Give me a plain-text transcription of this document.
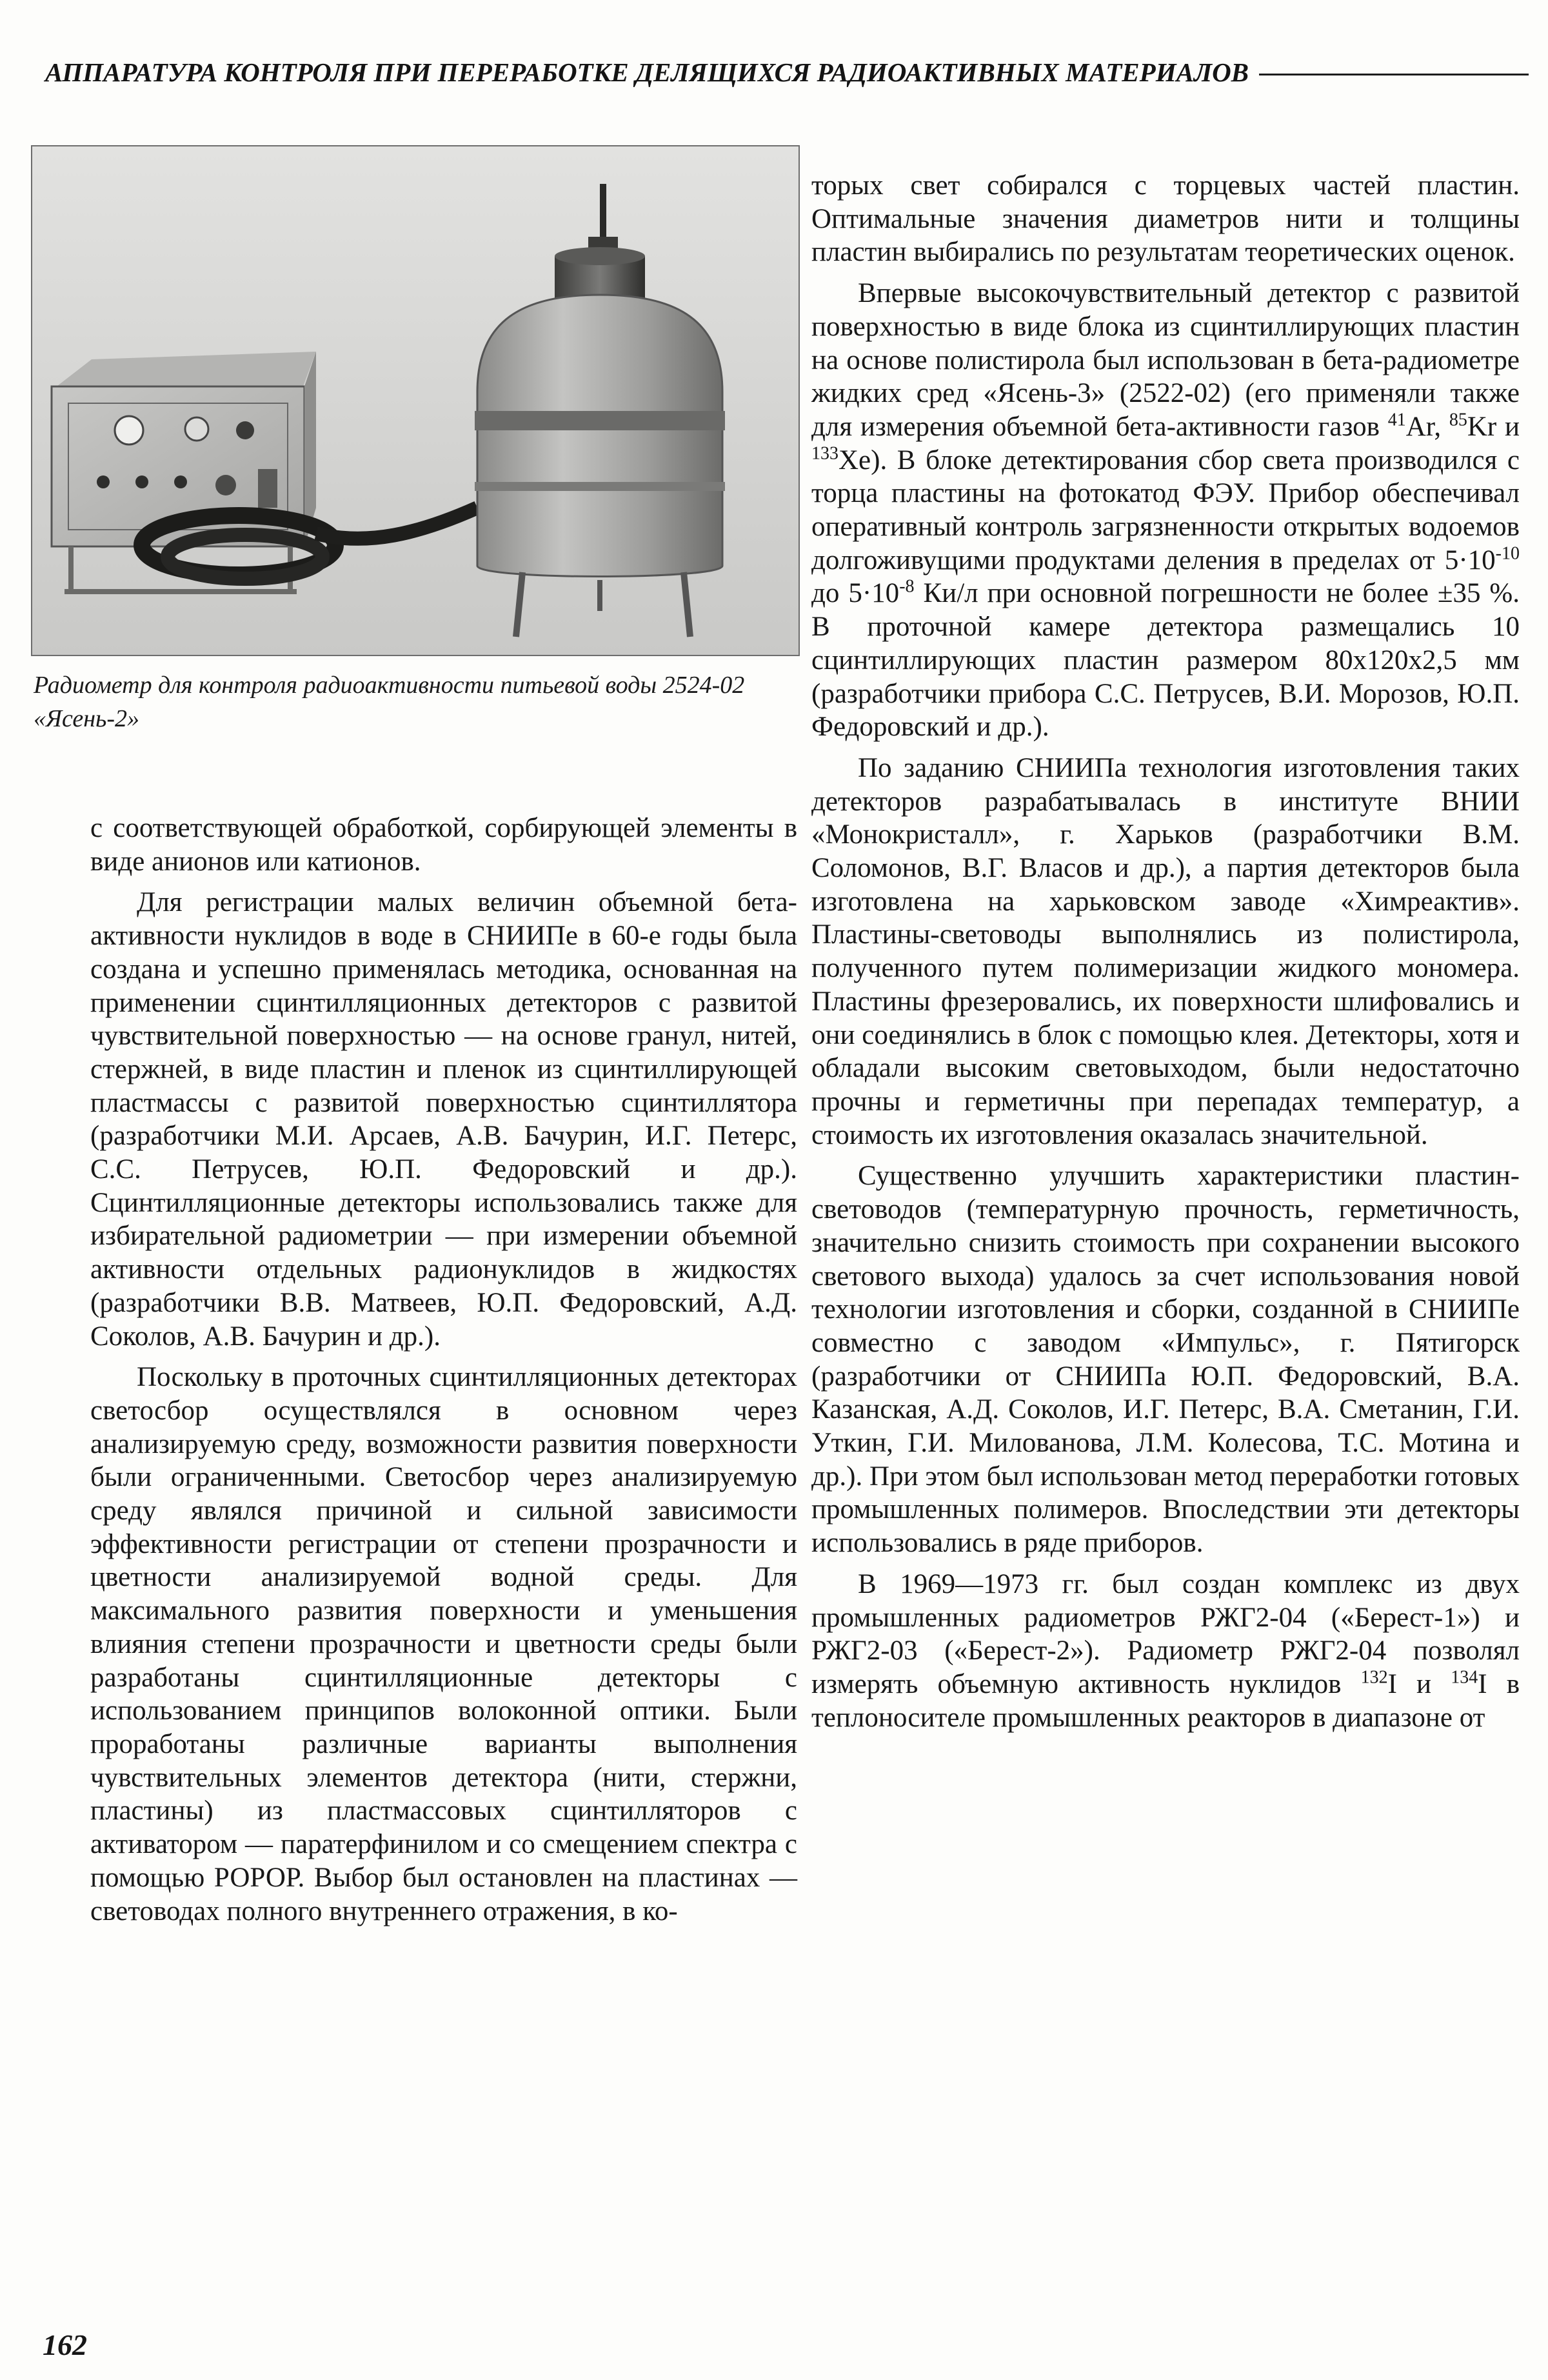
АППАРАТУРА КОНТРОЛЯ ПРИ ПЕРЕРАБОТКЕ ДЕЛЯЩИХСЯ РАДИОАКТИВНЫХ МАТЕРИАЛОВ
Радиометр для контроля радиоактивности питьевой воды 2524-02 «Ясень-2»

с соответствующей обработкой, сорбирующей элементы в виде анионов или катионов.

Для регистрации малых величин объемной бета-активности нуклидов в воде в СНИИПе в 60-е годы была создана и успешно применялась методика, основанная на применении сцинтилляционных детекторов с развитой чувствительной поверхностью — на основе гранул, нитей, стержней, в виде пластин и пленок из сцинтиллирующей пластмассы с развитой поверхностью сцинтиллятора (разработчики М.И. Арсаев, А.В. Бачурин, И.Г. Петерс, С.С. Петрусев, Ю.П. Федоровский и др.). Сцинтилляционные детекторы использовались также для избирательной радиометрии — при измерении объемной активности отдельных радионуклидов в жидкостях (разработчики В.В. Матвеев, Ю.П. Федоровский, А.Д. Соколов, А.В. Бачурин и др.).

Поскольку в проточных сцинтилляционных детекторах светосбор осуществлялся в основном через анализируемую среду, возможности развития поверхности были ограниченными. Светосбор через анализируемую среду являлся причиной и сильной зависимости эффективности регистрации от степени прозрачности и цветности анализируемой водной среды. Для максимального развития поверхности и уменьшения влияния степени прозрачности и цветности среды были разработаны сцинтилляционные детекторы с использованием принципов волоконной оптики. Были проработаны различные варианты выполнения чувствительных элементов детектора (нити, стержни, пластины) из пластмассовых сцинтилляторов с активатором — паратерфинилом и со смещением спектра с помощью РОРОР. Выбор был остановлен на пластинах — световодах полного внутреннего отражения, в ко-

торых свет собирался с торцевых частей пластин. Оптимальные значения диаметров нити и толщины пластин выбирались по результатам теоретических оценок.

Впервые высокочувствительный детектор с развитой поверхностью в виде блока из сцинтиллирующих пластин на основе полистирола был использован в бета-радиометре жидких сред «Ясень-3» (2522-02) (его применяли также для измерения объемной бета-активности газов $^{41}$Ar, $^{85}$Kr и $^{133}$Xe). В блоке детектирования сбор света производился с торца пластины на фотокатод ФЭУ. Прибор обеспечивал оперативный контроль загрязненности открытых водоемов долгоживущими продуктами деления в пределах от $5\cdot 10^{-10}$ до $5\cdot 10^{-8}$ Ки/л при основной погрешности не более ±35 %. В проточной камере детектора размещались 10 сцинтиллирующих пластин размером 80х120х2,5 мм (разработчики прибора С.С. Петрусев, В.И. Морозов, Ю.П. Федоровский и др.).

По заданию СНИИПа технология изготовления таких детекторов разрабатывалась в институте ВНИИ «Монокристалл», г. Харьков (разработчики В.М. Соломонов, В.Г. Власов и др.), а партия детекторов была изготовлена на харьковском заводе «Химреактив». Пластины-световоды выполнялись из полистирола, полученного путем полимеризации жидкого мономера. Пластины фрезеровались, их поверхности шлифовались и они соединялись в блок с помощью клея. Детекторы, хотя и обладали высоким световыходом, были недостаточно прочны и герметичны при перепадах температур, а стоимость их изготовления оказалась значительной.

Существенно улучшить характеристики пластин-световодов (температурную прочность, герметичность, значительно снизить стоимость при сохранении высокого светового выхода) удалось за счет использования новой технологии изготовления и сборки, созданной в СНИИПе совместно с заводом «Импульс», г. Пятигорск (разработчики от СНИИПа Ю.П. Федоровский, В.А. Казанская, А.Д. Соколов, И.Г. Петерс, В.А. Сметанин, Г.И. Уткин, Г.И. Милованова, Л.М. Колесова, Т.С. Мотина и др.). При этом был использован метод переработки готовых промышленных полимеров. Впоследствии эти детекторы использовались в ряде приборов.

В 1969—1973 гг. был создан комплекс из двух промышленных радиометров РЖГ2-04 («Берест-1») и РЖГ2-03 («Берест-2»). Радиометр РЖГ2-04 позволял измерять объемную активность нуклидов $^{132}$I и $^{134}$I в теплоносителе промышленных реакторов в диапазоне от

162
